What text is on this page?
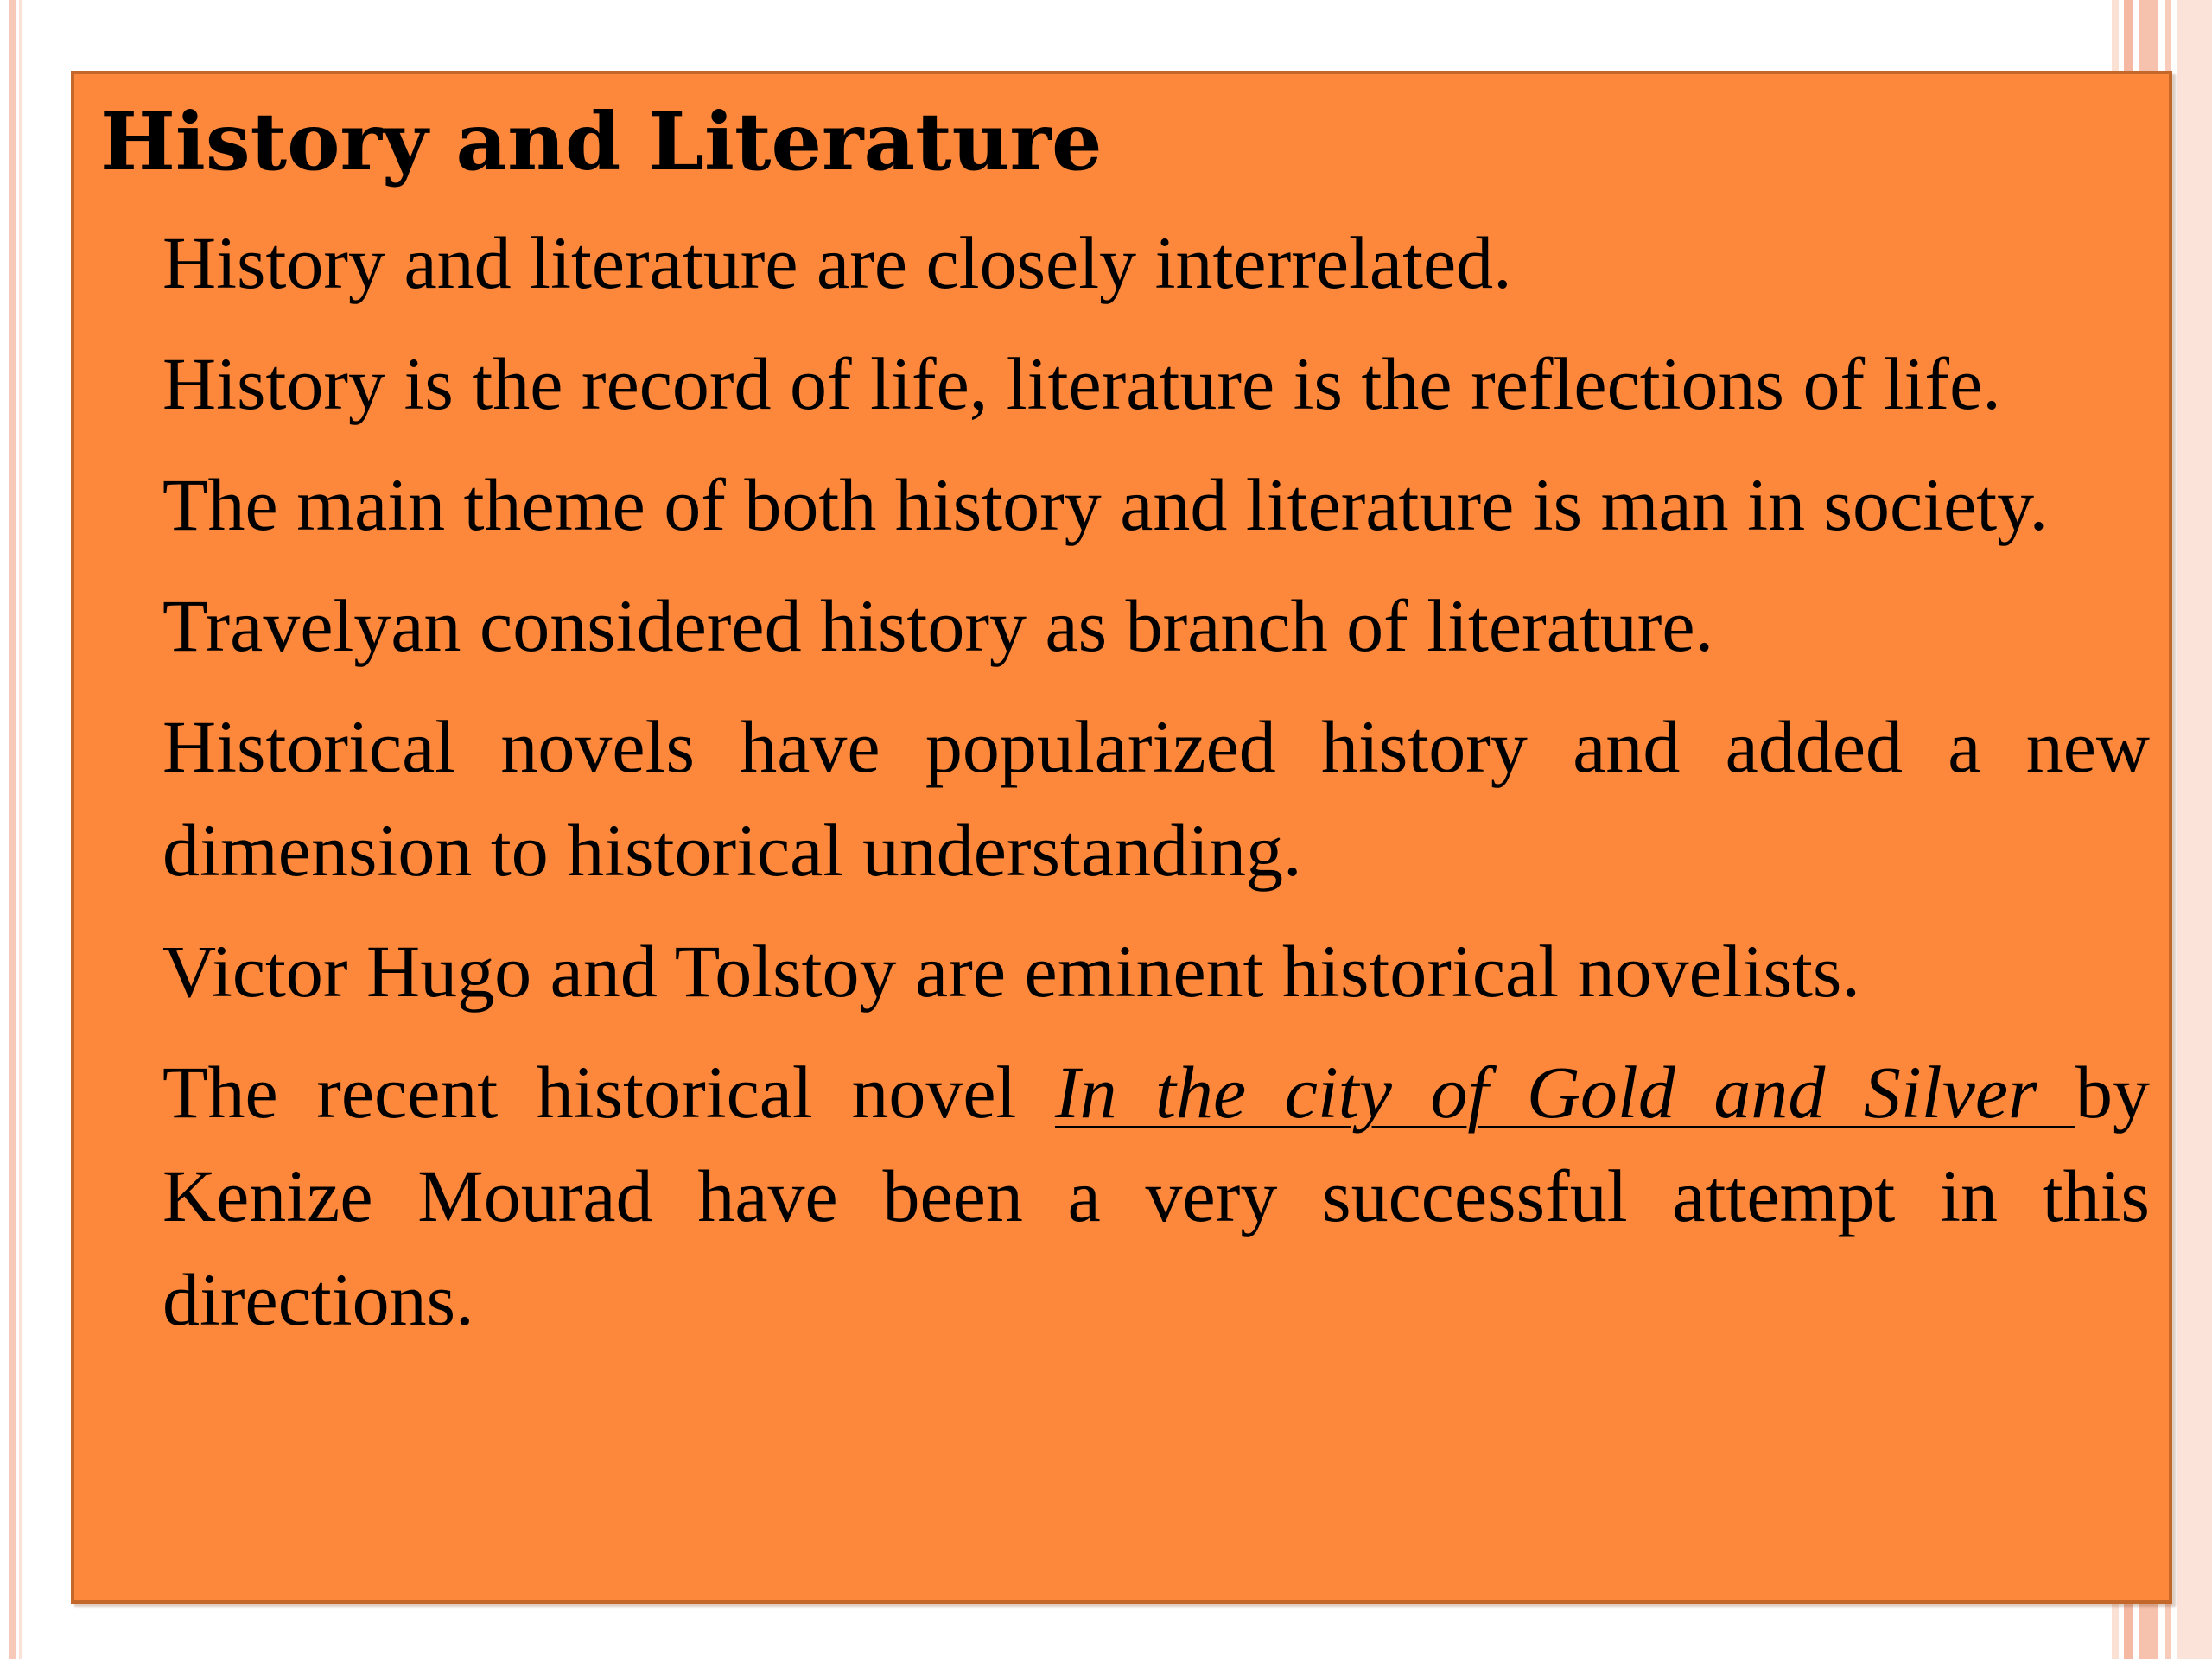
History and Literature

History and literature are closely interrelated.

History is the record of life, literature is the reflections of life.

The main theme of both history and literature is man in society.

Travelyan considered history as branch of literature.

Historical novels have popularized history and added a new dimension to historical understanding.

Victor Hugo and Tolstoy are eminent historical novelists.

The recent historical novel In the city of Gold and Silver by Kenize Mourad have been a very successful attempt in this directions.
